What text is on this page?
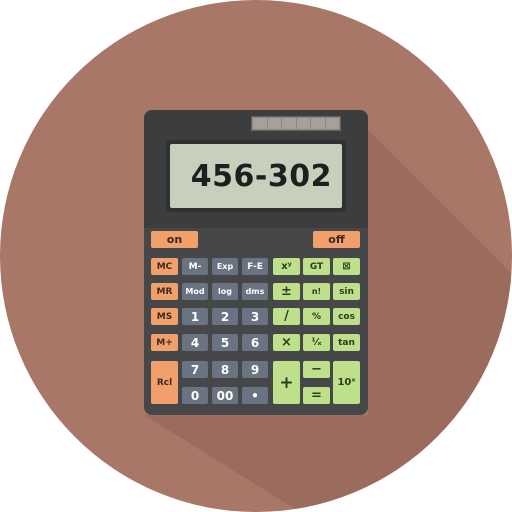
456-302
on	off
MC
MR
MS
M+
Rcl
M-	Exp	F-E
Mod	log	dms
1	2	3
4	5	6
7	8	9
0	00	•
xʸ
±
/
×
+
GT
n!
%
¹⁄ₓ
−
=
⊠
sin
cos
tan
10ˣ
